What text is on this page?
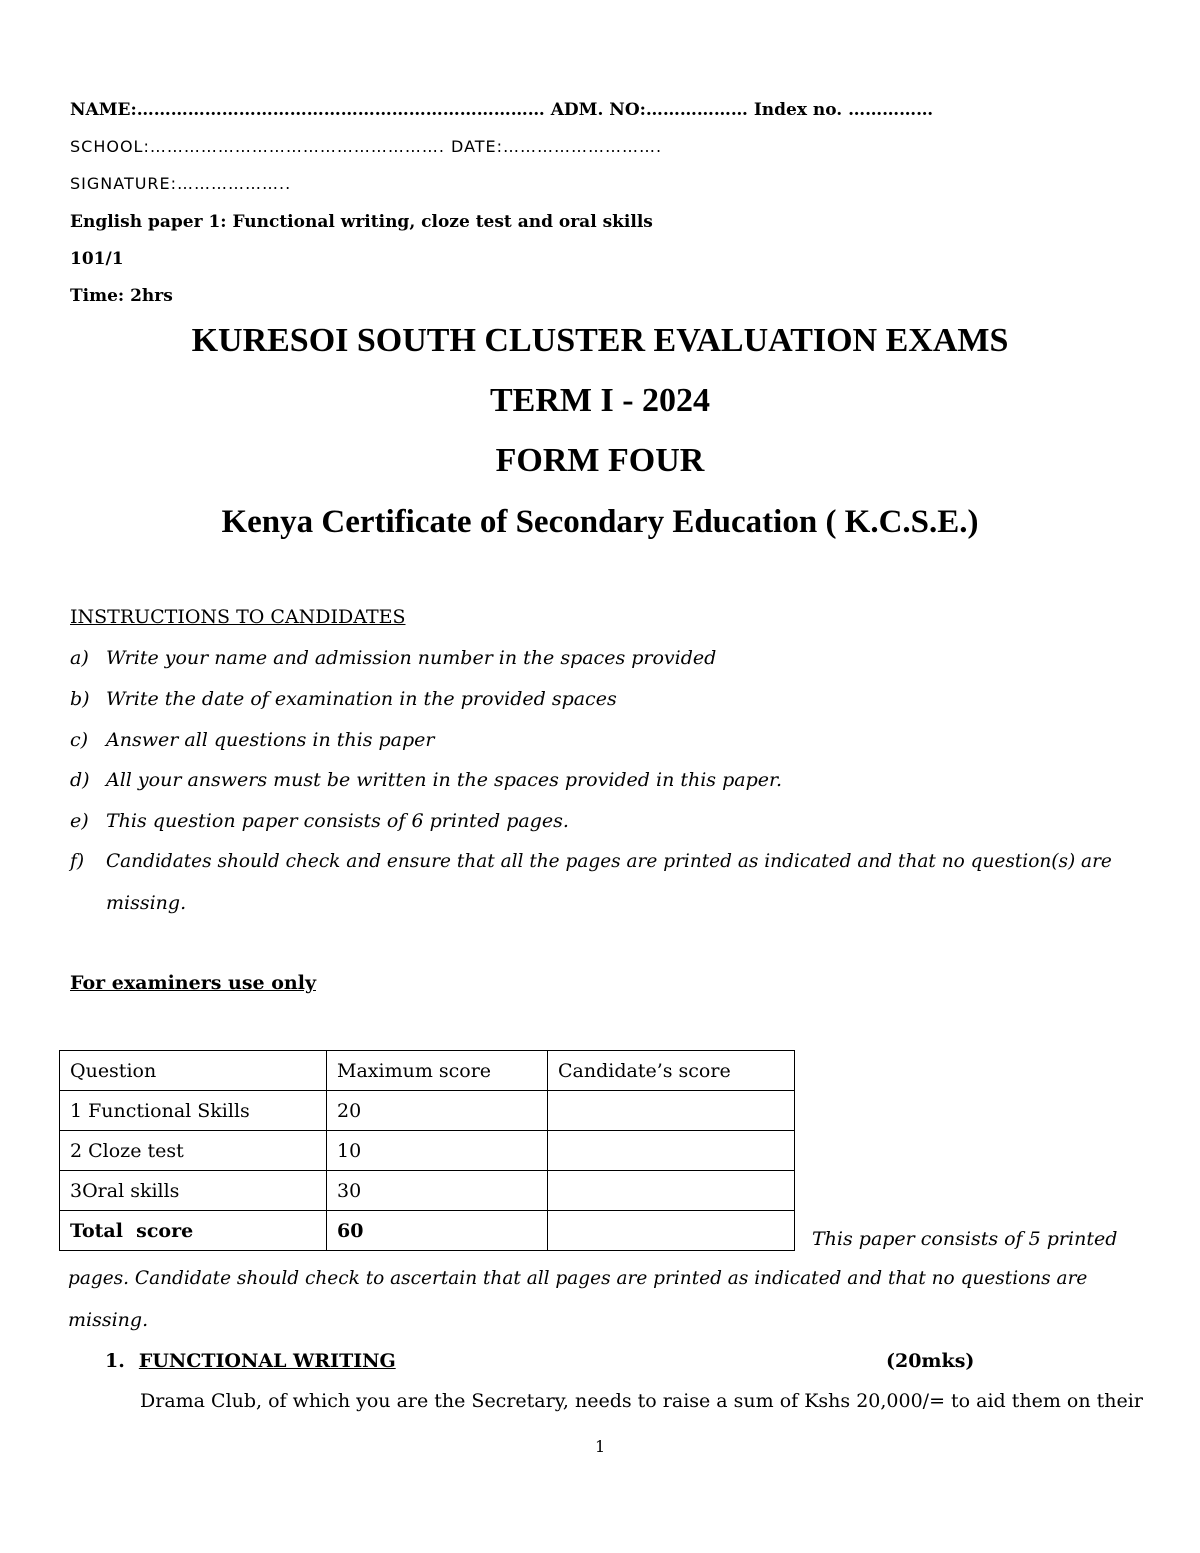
NAME:……………………………………………………………… ADM. NO:……………… Index no. ……………
SCHOOL:……………………………………………. DATE:……………………….
SIGNATURE:………………..
English paper 1: Functional writing, cloze test and oral skills
101/1
Time: 2hrs
KURESOI SOUTH CLUSTER EVALUATION EXAMS
TERM I - 2024
FORM FOUR
Kenya Certificate of Secondary Education ( K.C.S.E.)
INSTRUCTIONS TO CANDIDATES
a) Write your name and admission number in the spaces provided
b) Write the date of examination in the provided spaces
c) Answer all questions in this paper
d) All your answers must be written in the spaces provided in this paper.
e) This question paper consists of 6 printed pages.
f) Candidates should check and ensure that all the pages are printed as indicated and that no question(s) are
missing.
For examiners use only
Question	Maximum score	Candidate’s score
1 Functional Skills	20	
2 Cloze test	10	
3Oral skills	30	
Total  score	60		This paper consists of 5 printed
pages. Candidate should check to ascertain that all pages are printed as indicated and that no questions are
missing.
1. FUNCTIONAL WRITING	(20mks)
Drama Club, of which you are the Secretary, needs to raise a sum of Kshs 20,000/= to aid them on their
1
